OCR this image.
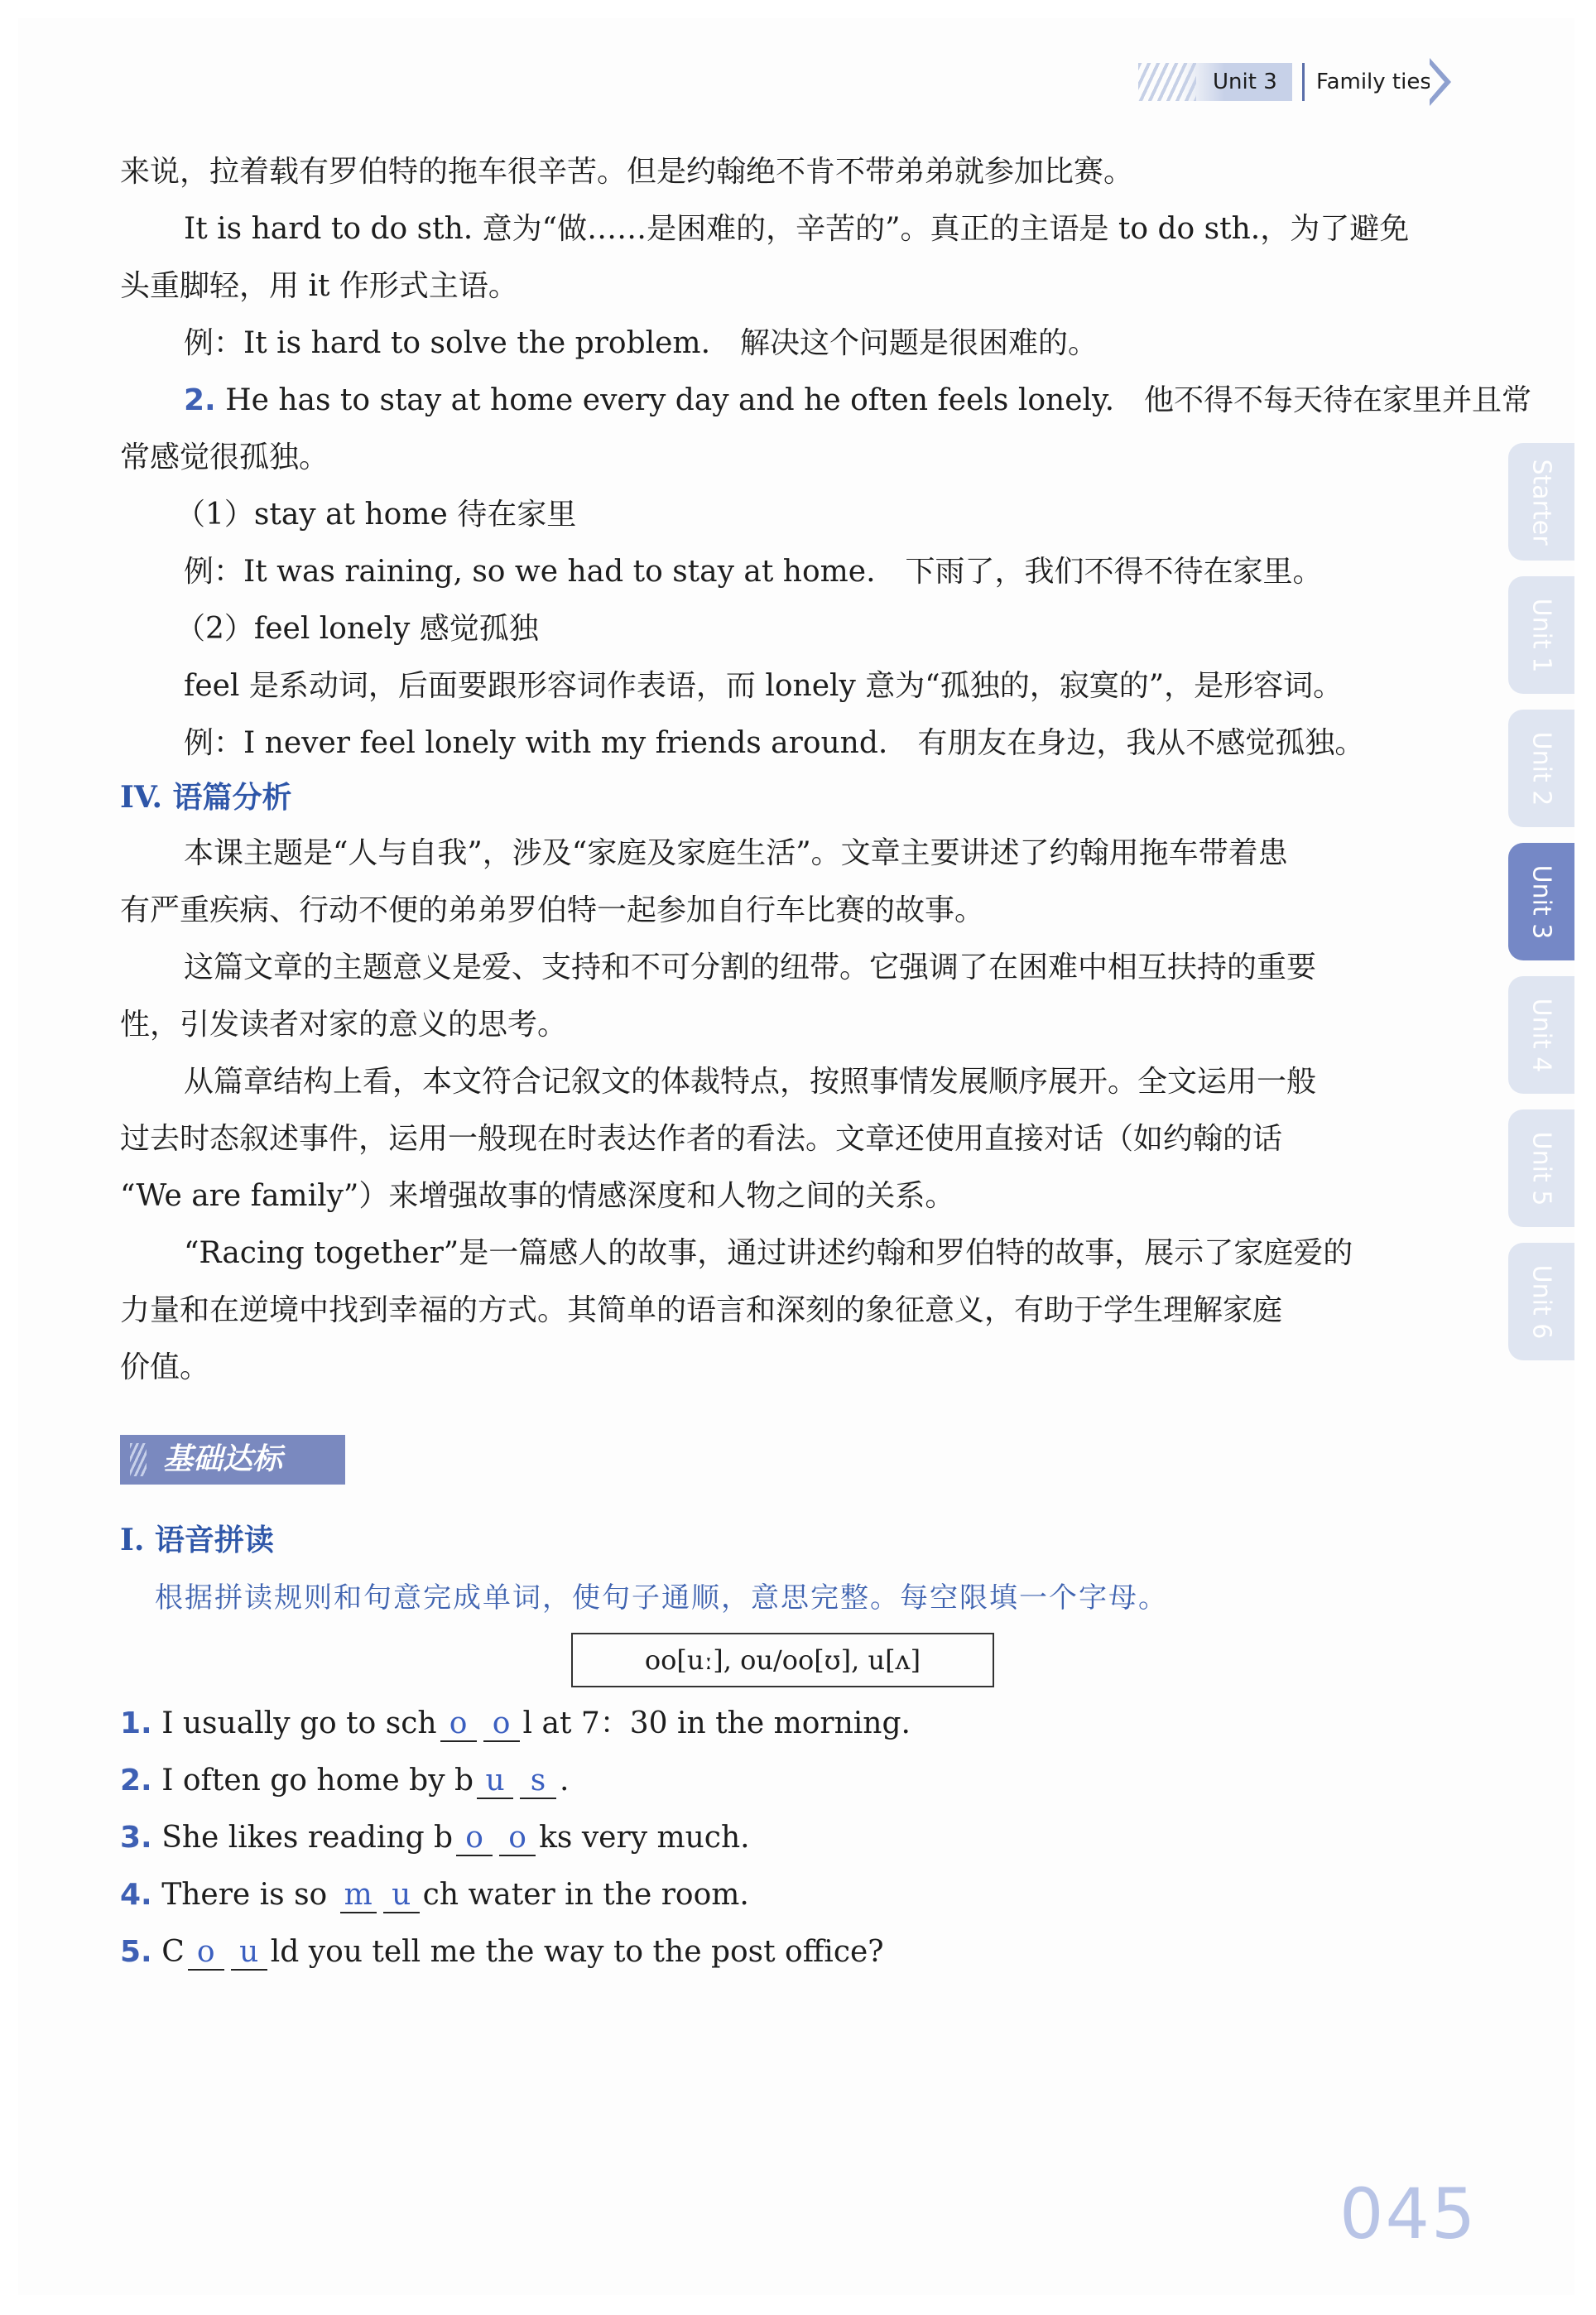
Unit 3	Family ties
Starter
Unit 1
Unit 2
Unit 3
Unit 4
Unit 5
Unit 6
来说，拉着载有罗伯特的拖车很辛苦。但是约翰绝不肯不带弟弟就参加比赛。
It is hard to do sth. 意为“做……是困难的，辛苦的”。真正的主语是 to do sth.，为了避免
头重脚轻，用 it 作形式主语。
例：It is hard to solve the problem.　解决这个问题是很困难的。
2. He has to stay at home every day and he often feels lonely.　他不得不每天待在家里并且常
常感觉很孤独。
（1）stay at home 待在家里
例：It was raining, so we had to stay at home.　下雨了，我们不得不待在家里。
（2）feel lonely 感觉孤独
feel 是系动词，后面要跟形容词作表语，而 lonely 意为“孤独的，寂寞的”，是形容词。
例：I never feel lonely with my friends around.　有朋友在身边，我从不感觉孤独。
IV. 语篇分析
本课主题是“人与自我”，涉及“家庭及家庭生活”。文章主要讲述了约翰用拖车带着患
有严重疾病、行动不便的弟弟罗伯特一起参加自行车比赛的故事。
这篇文章的主题意义是爱、支持和不可分割的纽带。它强调了在困难中相互扶持的重要
性，引发读者对家的意义的思考。
从篇章结构上看，本文符合记叙文的体裁特点，按照事情发展顺序展开。全文运用一般
过去时态叙述事件，运用一般现在时表达作者的看法。文章还使用直接对话（如约翰的话
“We are family”）来增强故事的情感深度和人物之间的关系。
“Racing together”是一篇感人的故事，通过讲述约翰和罗伯特的故事，展示了家庭爱的
力量和在逆境中找到幸福的方式。其简单的语言和深刻的象征意义，有助于学生理解家庭
价值。
基础达标
I. 语音拼读
根据拼读规则和句意完成单词，使句子通顺，意思完整。每空限填一个字母。
oo[uː], ou/oo[ʊ], u[ʌ]
1. I usually go to sch o o l at 7：30 in the morning.
2. I often go home by b u s .
3. She likes reading b o o ks very much.
4. There is so m u ch water in the room.
5. C o u ld you tell me the way to the post office?
045
